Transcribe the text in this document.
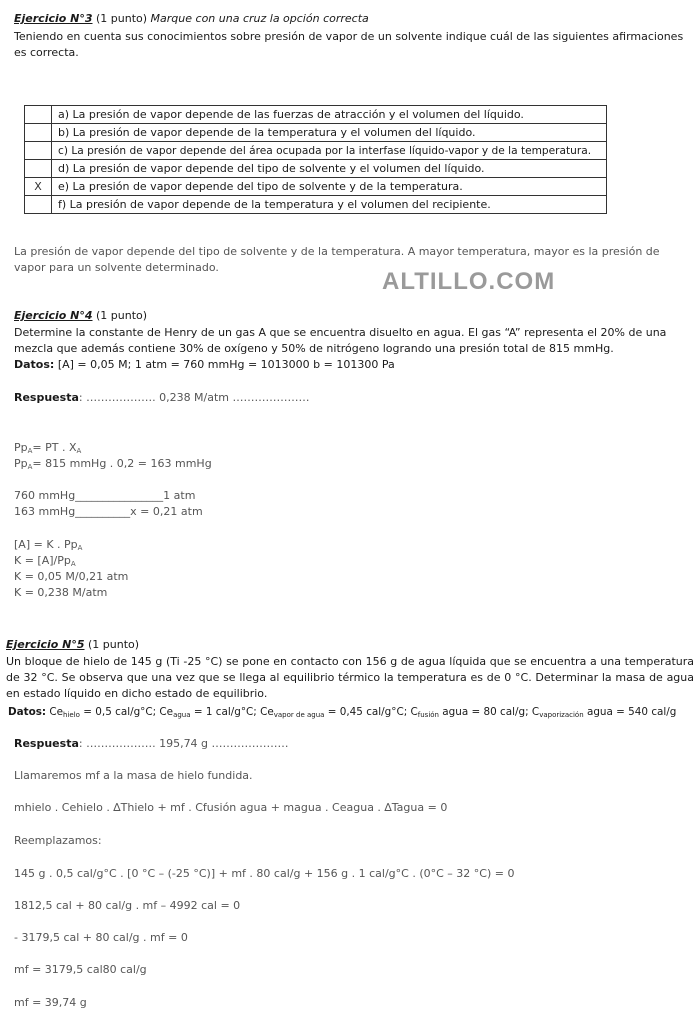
Ejercicio N°3 (1 punto) Marque con una cruz la opción correcta
Teniendo en cuenta sus conocimientos sobre presión de vapor de un solvente indique cuál de las siguientes afirmaciones es correcta.
	a) La presión de vapor depende de las fuerzas de atracción y el volumen del líquido.
	b) La presión de vapor depende de la temperatura y el volumen del líquido.
	c) La presión de vapor depende del área ocupada por la interfase líquido-vapor y de la temperatura.
	d) La presión de vapor depende del tipo de solvente y el volumen del líquido.
X	e) La presión de vapor depende del tipo de solvente y de la temperatura.
	f) La presión de vapor depende de la temperatura y el volumen del recipiente.
La presión de vapor depende del tipo de solvente y de la temperatura. A mayor temperatura, mayor es la presión de vapor para un solvente determinado.
ALTILLO.COM
Ejercicio N°4 (1 punto)
Determine la constante de Henry de un gas A que se encuentra disuelto en agua. El gas “A” representa el 20% de una mezcla que además contiene 30% de oxígeno y 50% de nitrógeno logrando una presión total de 815 mmHg.
Datos: [A] = 0,05 M; 1 atm = 760 mmHg = 1013000 b = 101300 Pa
Respuesta: ………………. 0,238 M/atm …………………
$Pp_A=$ PT . $X_A$
$Pp_A= 815$ mmHg . 0,2 = 163 mmHg
760 mmHg________________1 atm
163 mmHg__________x = 0,21 atm
[A] = K . $Pp_A$
$K = [A]/Pp_A$
K = 0,05 M/0,21 atm
K = 0,238 M/atm
Ejercicio N°5 (1 punto)
Un bloque de hielo de 145 g (Ti -25 °C) se pone en contacto con 156 g de agua líquida que se encuentra a una temperatura de 32 °C. Se observa que una vez que se llega al equilibrio térmico la temperatura es de 0 °C. Determinar la masa de agua en estado líquido en dicho estado de equilibrio.
Datos: $Ce_{hielo} = 0,5$ cal/g°C; $Ce_{agua} = 1$ cal/g°C; $Ce_{vapor de agua} = 0,45$ cal/g°C; $C_{fusión}$ agua = 80 cal/g; $C_{vaporización}$ agua = 540 cal/g
Respuesta: ………………. 195,74 g …………………
Llamaremos mf a la masa de hielo fundida.
mhielo . Cehielo . ∆Thielo + mf . Cfusión agua + magua . Ceagua . ∆Tagua = 0
Reemplazamos:
145 g . 0,5 cal/g°C . [0 °C – (-25 °C)] + mf . 80 cal/g + 156 g . 1 cal/g°C . (0°C – 32 °C) = 0
1812,5 cal + 80 cal/g . mf – 4992 cal = 0
- 3179,5 cal + 80 cal/g . mf = 0
mf = 3179,5 cal80 cal/g
mf = 39,74 g
